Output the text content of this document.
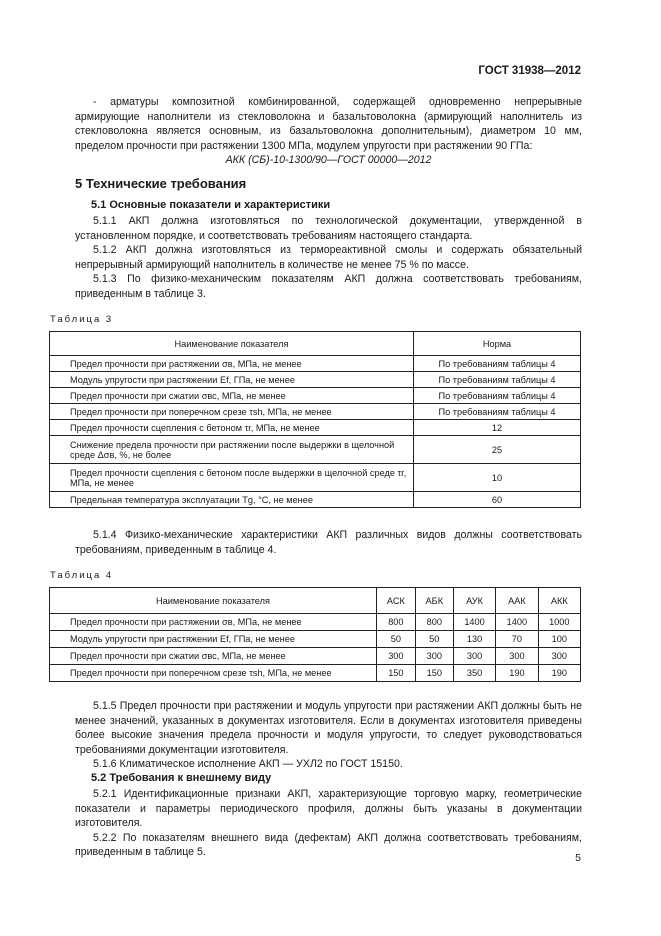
ГОСТ 31938—2012

- арматуры композитной комбинированной, содержащей одновременно непрерывные армирующие наполнители из стекловолокна и базальтоволокна (армирующий наполнитель из стекловолокна является основным, из базальтоволокна дополнительным), диаметром 10 мм, пределом прочности при растяжении 1300 МПа, модулем упругости при растяжении 90 ГПа:

АКК (СБ)-10-1300/90—ГОСТ 00000—2012

5 Технические требования
5.1 Основные показатели и характеристики

5.1.1 АКП должна изготовляться по технологической документации, утвержденной в установленном порядке, и соответствовать требованиям настоящего стандарта.

5.1.2 АКП должна изготовляться из термореактивной смолы и содержать обязательный непрерывный армирующий наполнитель в количестве не менее 75 % по массе.

5.1.3 По физико-механическим показателям АКП должна соответствовать требованиям, приведенным в таблице 3.

Таблица 3
Наименование показателя	Норма
Предел прочности при растяжении σв, МПа, не менее	По требованиям таблицы 4
Модуль упругости при растяжении Ef, ГПа, не менее	По требованиям таблицы 4
Предел прочности при сжатии σвс, МПа, не менее	По требованиям таблицы 4
Предел прочности при поперечном срезе τsh, МПа, не менее	По требованиям таблицы 4
Предел прочности сцепления с бетоном τr, МПа, не менее	12
Снижение предела прочности при растяжении после выдержки в щелочной среде Δσв, %, не более	25
Предел прочности сцепления с бетоном после выдержки в щелочной среде τr, МПа, не менее	10
Предельная температура эксплуатации Tg, °С, не менее	60

5.1.4 Физико-механические характеристики АКП различных видов должны соответствовать требованиям, приведенным в таблице 4.

Таблица 4
Наименование показателя	АСК	АБК	АУК	ААК	АКК
Предел прочности при растяжении σв, МПа, не менее	800	800	1400	1400	1000
Модуль упругости при растяжении Ef, ГПа, не менее	50	50	130	70	100
Предел прочности при сжатии σвс, МПа, не менее	300	300	300	300	300
Предел прочности при поперечном срезе τsh, МПа, не менее	150	150	350	190	190

5.1.5 Предел прочности при растяжении и модуль упругости при растяжении АКП должны быть не менее значений, указанных в документах изготовителя. Если в документах изготовителя приведены более высокие значения предела прочности и модуля упругости, то следует руководствоваться требованиями документации изготовителя.

5.1.6 Климатическое исполнение АКП — УХЛ2 по ГОСТ 15150.

5.2 Требования к внешнему виду

5.2.1 Идентификационные признаки АКП, характеризующие торговую марку, геометрические показатели и параметры периодического профиля, должны быть указаны в документации изготовителя.

5.2.2 По показателям внешнего вида (дефектам) АКП должна соответствовать требованиям, приведенным в таблице 5.	5
